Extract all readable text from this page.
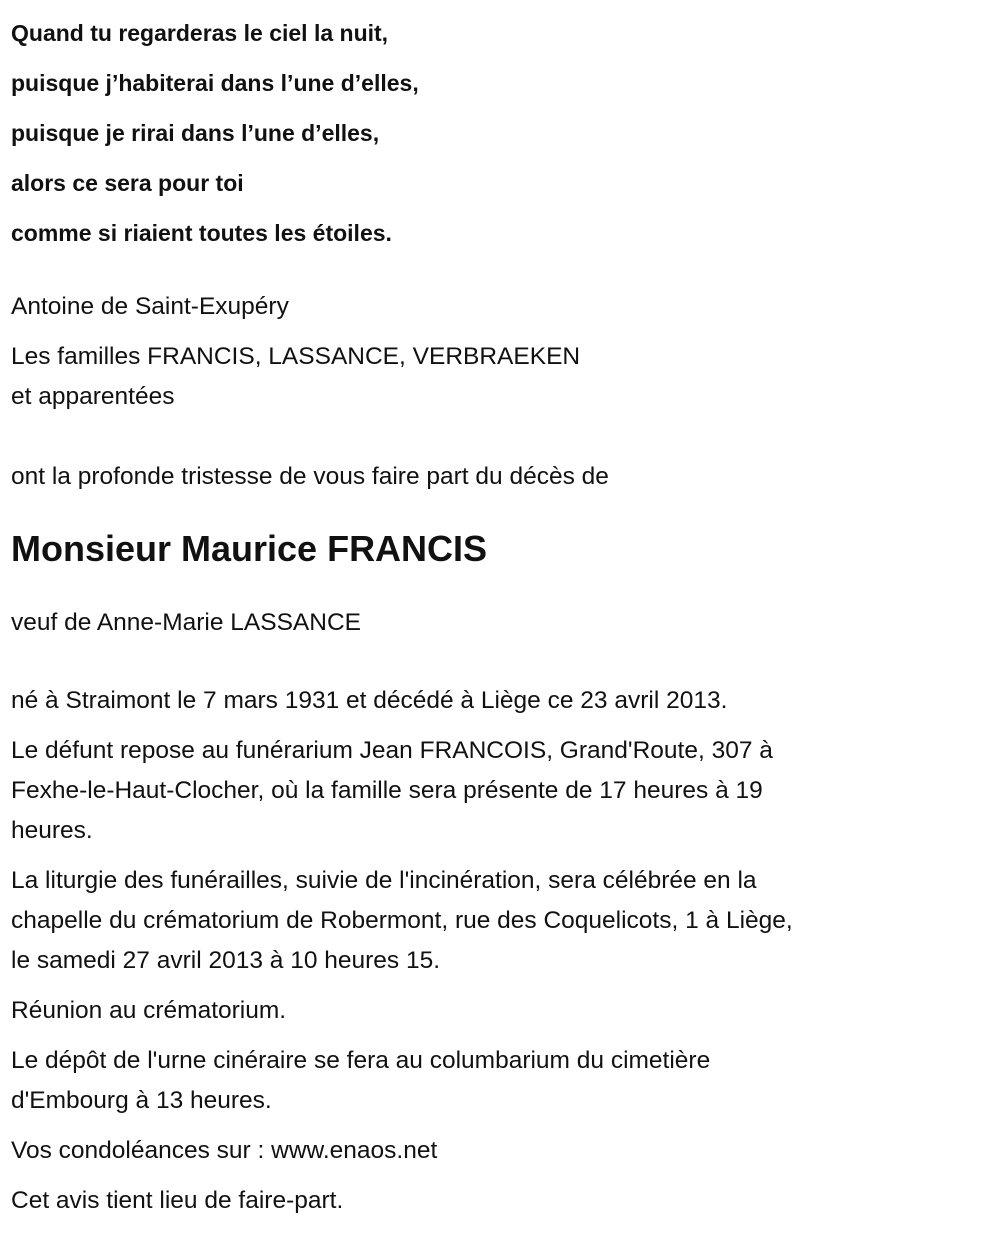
Quand tu regarderas le ciel la nuit,
puisque j’habiterai dans l’une d’elles,
puisque je rirai dans l’une d’elles,
alors ce sera pour toi
comme si riaient toutes les étoiles.
Antoine de Saint-Exupéry
Les familles FRANCIS, LASSANCE, VERBRAEKEN
et apparentées
ont la profonde tristesse de vous faire part du décès de
Monsieur Maurice FRANCIS
veuf de Anne-Marie LASSANCE
né à Straimont le 7 mars 1931 et décédé à Liège ce 23 avril 2013.
Le défunt repose au funérarium Jean FRANCOIS, Grand'Route, 307 à
Fexhe-le-Haut-Clocher, où la famille sera présente de 17 heures à 19
heures.
La liturgie des funérailles, suivie de l'incinération, sera célébrée en la
chapelle du crématorium de Robermont, rue des Coquelicots, 1 à Liège,
le samedi 27 avril 2013 à 10 heures 15.
Réunion au crématorium.
Le dépôt de l'urne cinéraire se fera au columbarium du cimetière
d'Embourg à 13 heures.
Vos condoléances sur : www.enaos.net
Cet avis tient lieu de faire-part.
